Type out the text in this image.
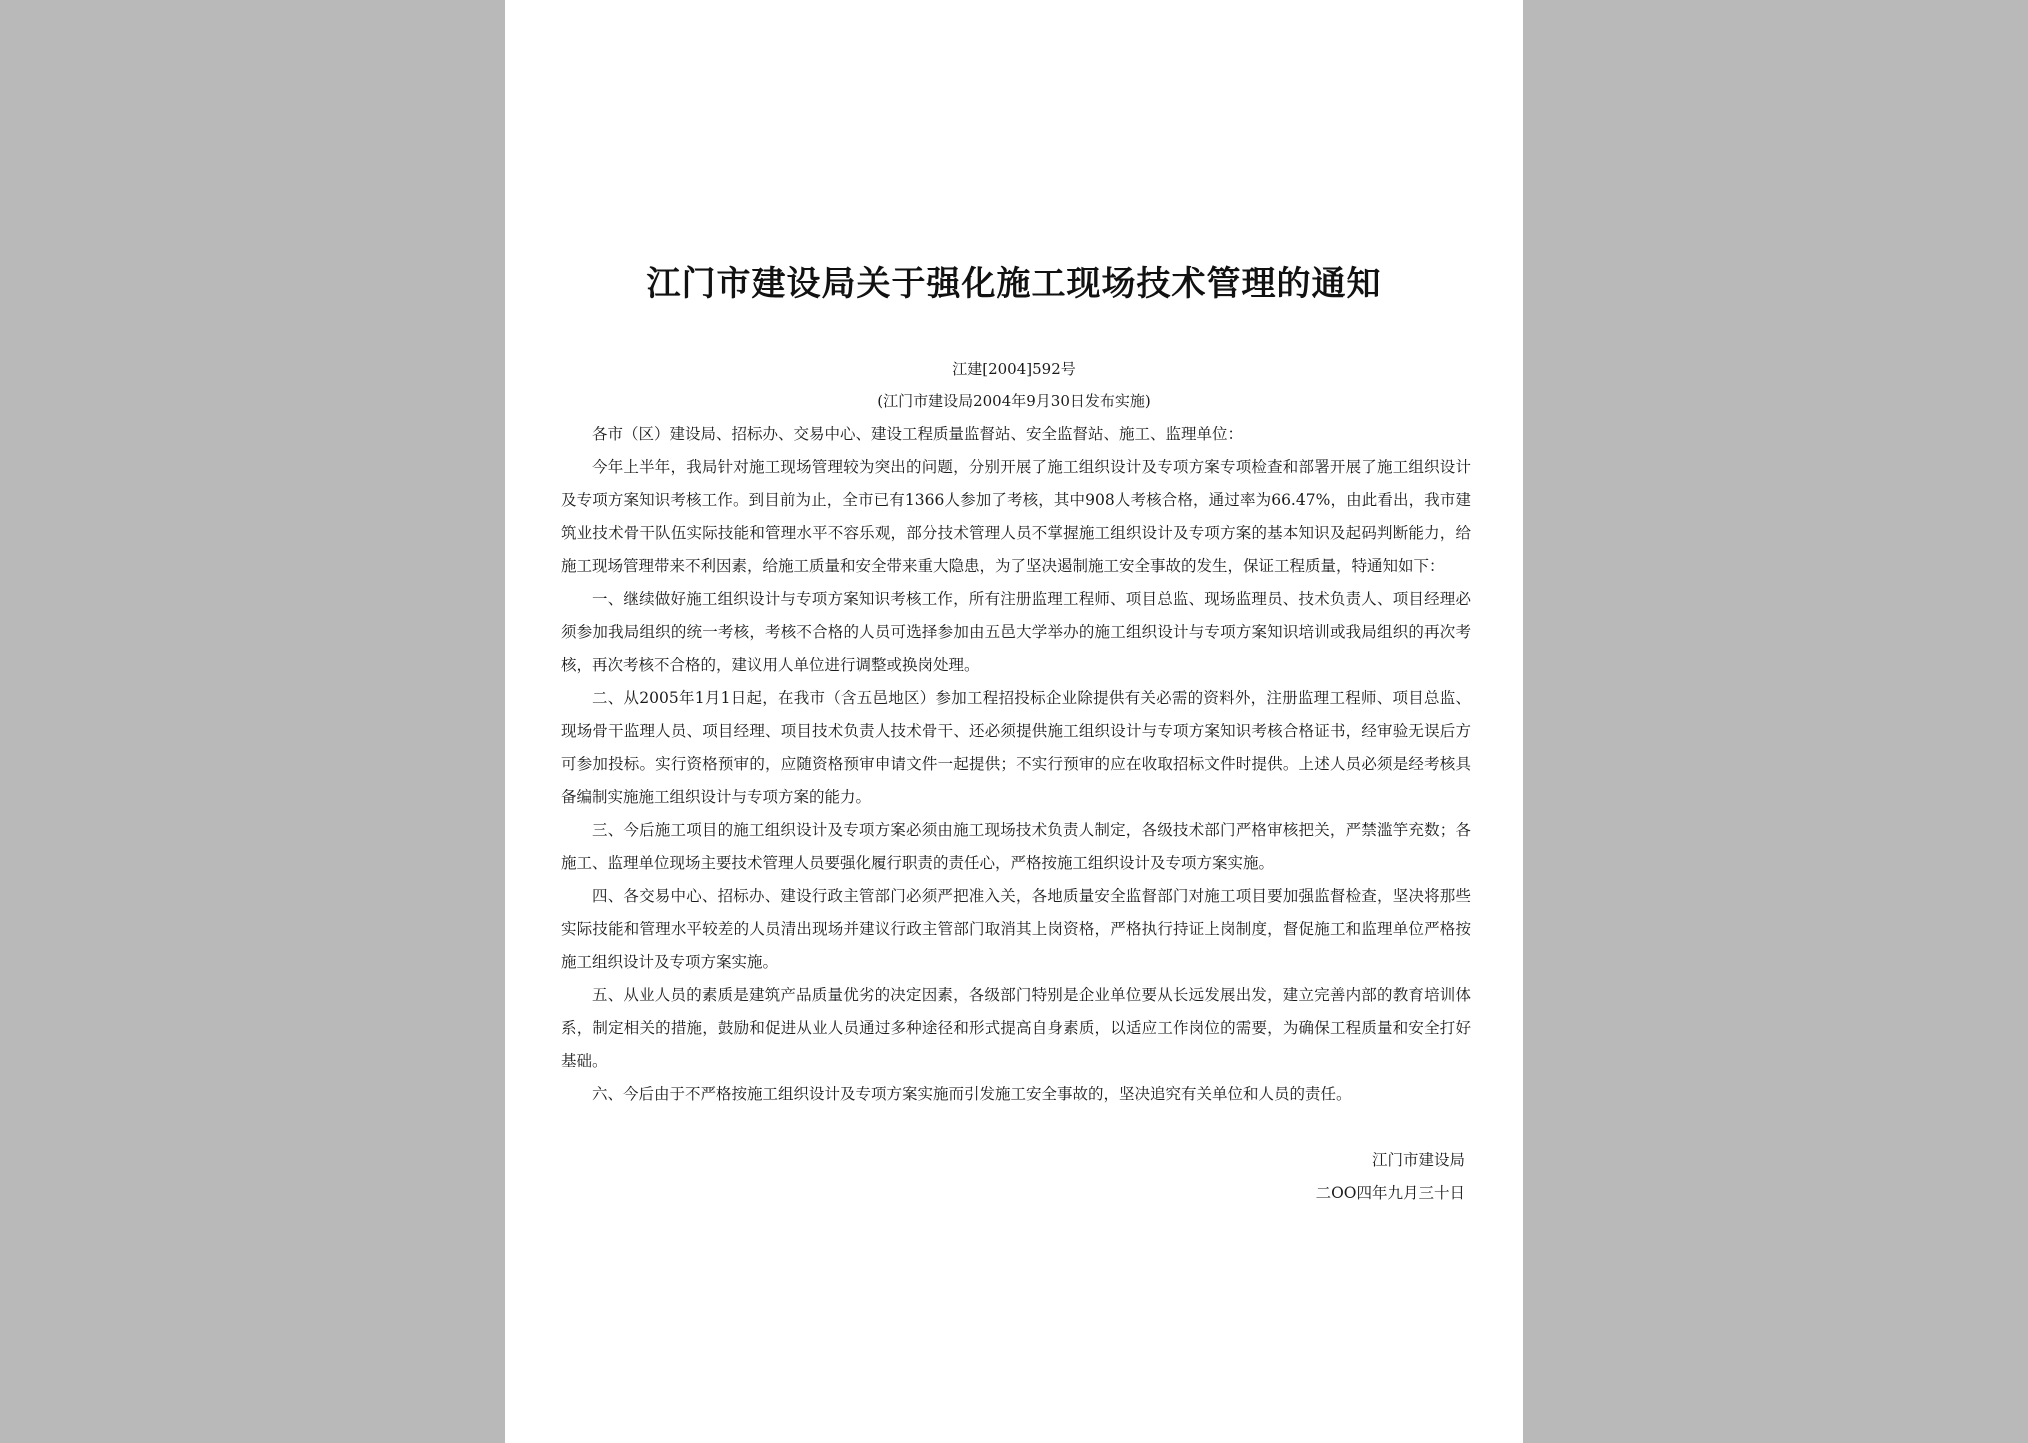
江门市建设局关于强化施工现场技术管理的通知
江建[2004]592号
(江门市建设局2004年9月30日发布实施)

各市（区）建设局、招标办、交易中心、建设工程质量监督站、安全监督站、施工、监理单位：

今年上半年，我局针对施工现场管理较为突出的问题，分别开展了施工组织设计及专项方案专项检查和部署开展了施工组织设计及专项方案知识考核工作。到目前为止，全市已有1366人参加了考核，其中908人考核合格，通过率为66.47%，由此看出，我市建筑业技术骨干队伍实际技能和管理水平不容乐观，部分技术管理人员不掌握施工组织设计及专项方案的基本知识及起码判断能力，给施工现场管理带来不利因素，给施工质量和安全带来重大隐患，为了坚决遏制施工安全事故的发生，保证工程质量，特通知如下：

一、继续做好施工组织设计与专项方案知识考核工作，所有注册监理工程师、项目总监、现场监理员、技术负责人、项目经理必须参加我局组织的统一考核，考核不合格的人员可选择参加由五邑大学举办的施工组织设计与专项方案知识培训或我局组织的再次考核，再次考核不合格的，建议用人单位进行调整或换岗处理。

二、从2005年1月1日起，在我市（含五邑地区）参加工程招投标企业除提供有关必需的资料外，注册监理工程师、项目总监、现场骨干监理人员、项目经理、项目技术负责人技术骨干、还必须提供施工组织设计与专项方案知识考核合格证书，经审验无误后方可参加投标。实行资格预审的，应随资格预审申请文件一起提供；不实行预审的应在收取招标文件时提供。上述人员必须是经考核具备编制实施施工组织设计与专项方案的能力。

三、今后施工项目的施工组织设计及专项方案必须由施工现场技术负责人制定，各级技术部门严格审核把关，严禁滥竽充数；各施工、监理单位现场主要技术管理人员要强化履行职责的责任心，严格按施工组织设计及专项方案实施。

四、各交易中心、招标办、建设行政主管部门必须严把准入关，各地质量安全监督部门对施工项目要加强监督检查，坚决将那些实际技能和管理水平较差的人员清出现场并建议行政主管部门取消其上岗资格，严格执行持证上岗制度，督促施工和监理单位严格按施工组织设计及专项方案实施。

五、从业人员的素质是建筑产品质量优劣的决定因素，各级部门特别是企业单位要从长远发展出发，建立完善内部的教育培训体系，制定相关的措施，鼓励和促进从业人员通过多种途径和形式提高自身素质，以适应工作岗位的需要，为确保工程质量和安全打好基础。

六、今后由于不严格按施工组织设计及专项方案实施而引发施工安全事故的，坚决追究有关单位和人员的责任。

江门市建设局
二OO四年九月三十日
